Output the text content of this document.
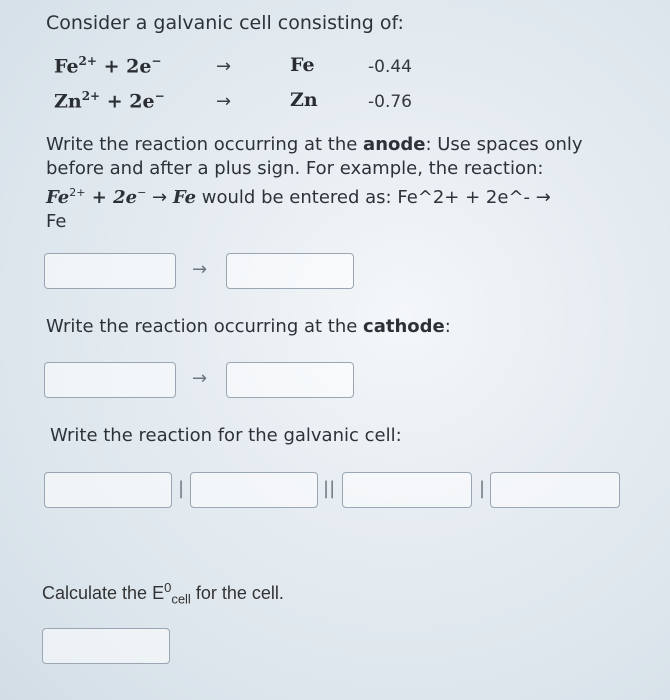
Consider a galvanic cell consisting of:
$Fe^{2+} + 2e^-$	→	Fe	-0.44
$Zn^{2+} + 2e^-$	→	Zn	-0.76
Write the reaction occurring at the anode: Use spaces only before and after a plus sign. For example, the reaction:
$Fe^{2+} + 2e^- \to Fe$ would be entered as: Fe^2+ + 2e^- →
Fe
→
Write the reaction occurring at the cathode:
→
Write the reaction for the galvanic cell:
|	||	|
Calculate the $E^0_{cell}$ for the cell.
